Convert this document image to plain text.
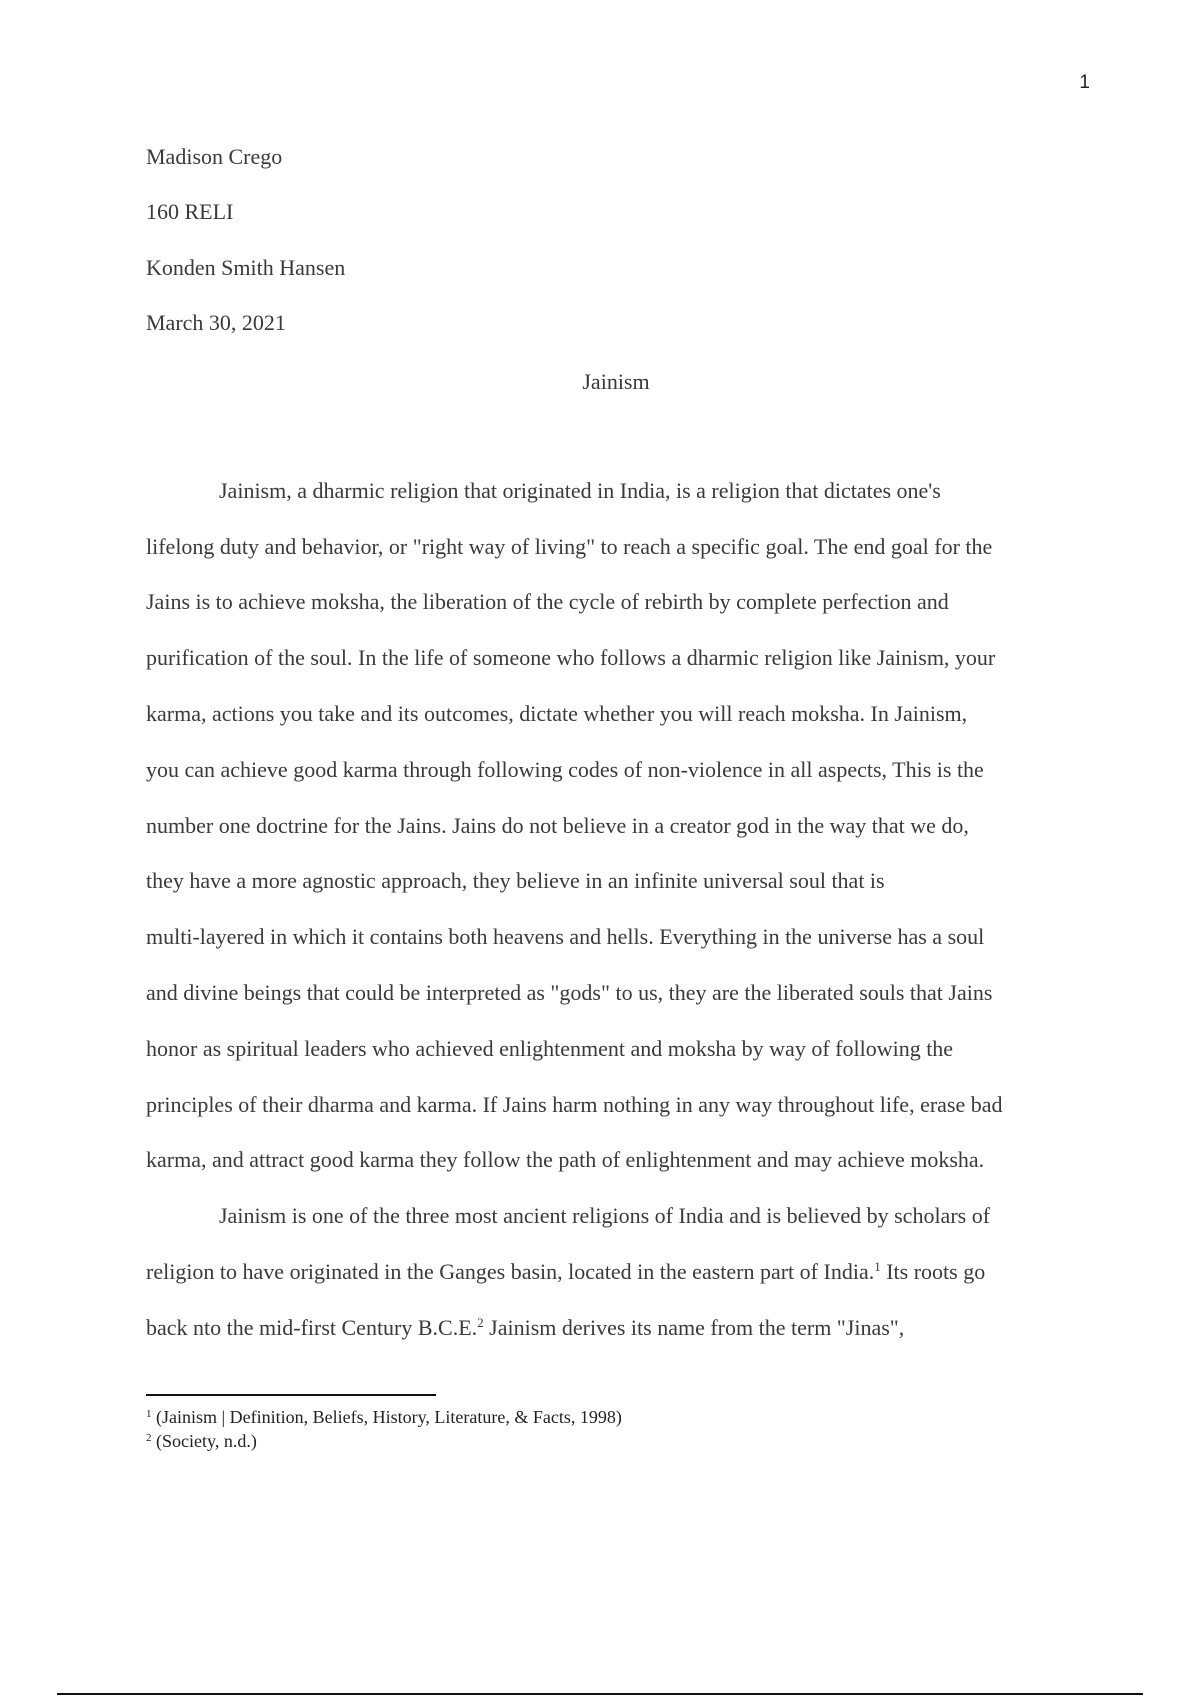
1
Madison Crego
160 RELI
Konden Smith Hansen
March 30, 2021
Jainism
Jainism, a dharmic religion that originated in India, is a religion that dictates one's
lifelong duty and behavior, or "right way of living" to reach a specific goal. The end goal for the
Jains is to achieve moksha, the liberation of the cycle of rebirth by complete perfection and
purification of the soul. In the life of someone who follows a dharmic religion like Jainism, your
karma, actions you take and its outcomes, dictate whether you will reach moksha. In Jainism,
you can achieve good karma through following codes of non-violence in all aspects, This is the
number one doctrine for the Jains. Jains do not believe in a creator god in the way that we do,
they have a more agnostic approach, they believe in an infinite universal soul that is
multi-layered in which it contains both heavens and hells. Everything in the universe has a soul
and divine beings that could be interpreted as "gods" to us, they are the liberated souls that Jains
honor as spiritual leaders who achieved enlightenment and moksha by way of following the
principles of their dharma and karma. If Jains harm nothing in any way throughout life, erase bad
karma, and attract good karma they follow the path of enlightenment and may achieve moksha.
Jainism is one of the three most ancient religions of India and is believed by scholars of
religion to have originated in the Ganges basin, located in the eastern part of India.$^1$ Its roots go
back nto the mid-first Century B.C.E.$^2$ Jainism derives its name from the term "Jinas",
$^1$ (Jainism | Definition, Beliefs, History, Literature, & Facts, 1998)
$^2$ (Society, n.d.)
